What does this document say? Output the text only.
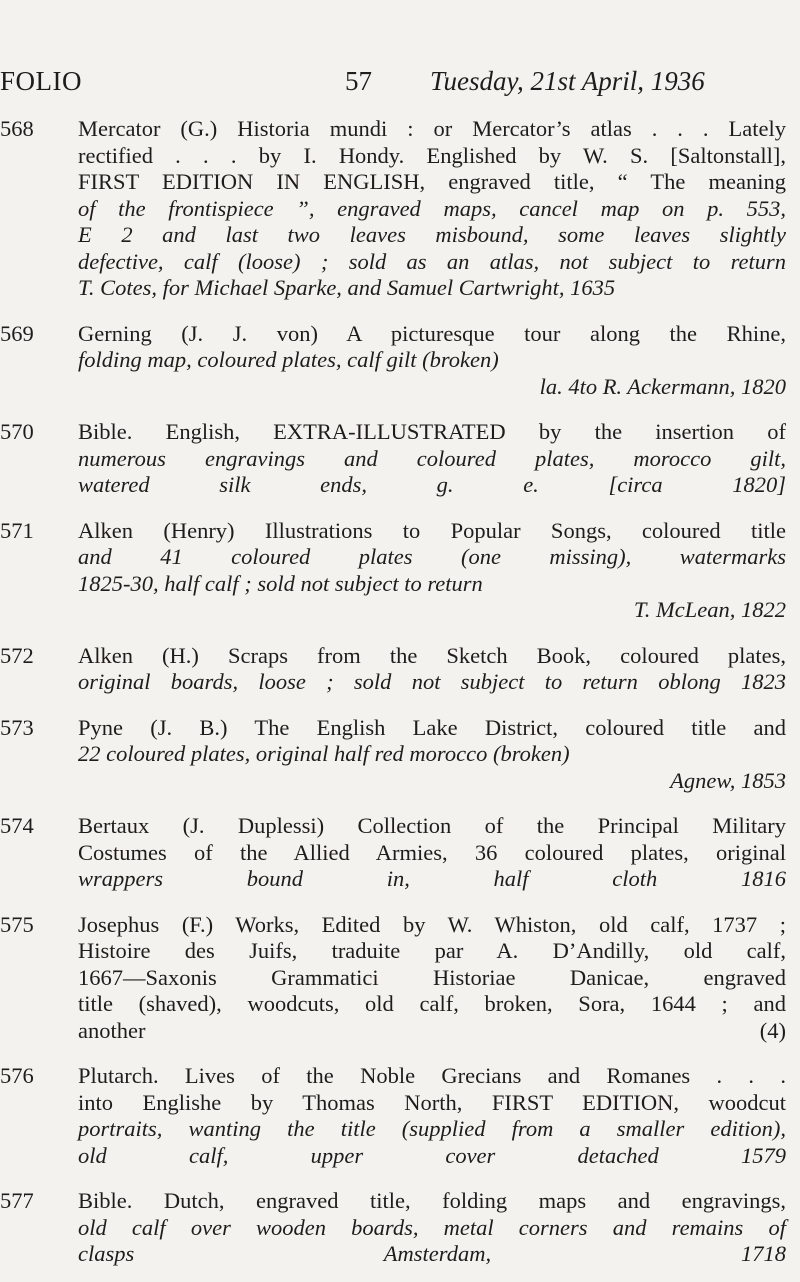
FOLIO	57 Tuesday, 21st April, 1936
568	Mercator (G.) Historia mundi : or Mercator’s atlas . . . Lately
rectified . . . by I. Hondy. Englished by W. S. [Saltonstall],
FIRST EDITION IN ENGLISH, engraved title, “ The meaning
of the frontispiece ”, engraved maps, cancel map on p. 553,
E 2 and last two leaves misbound, some leaves slightly
defective, calf (loose) ; sold as an atlas, not subject to return
T. Cotes, for Michael Sparke, and Samuel Cartwright, 1635
569	Gerning (J. J. von) A picturesque tour along the Rhine,
folding map, coloured plates, calf gilt (broken)
la. 4to R. Ackermann, 1820
570	Bible. English, EXTRA-ILLUSTRATED by the insertion of
numerous engravings and coloured plates, morocco gilt,
watered silk ends, g. e. [circa 1820]
571	Alken (Henry) Illustrations to Popular Songs, coloured title
and 41 coloured plates (one missing), watermarks
1825-30, half calf ; sold not subject to return
T. McLean, 1822
572	Alken (H.) Scraps from the Sketch Book, coloured plates,
original boards, loose ; sold not subject to return oblong 1823
573	Pyne (J. B.) The English Lake District, coloured title and
22 coloured plates, original half red morocco (broken)
Agnew, 1853
574	Bertaux (J. Duplessi) Collection of the Principal Military
Costumes of the Allied Armies, 36 coloured plates, original
wrappers bound in, half cloth 1816
575	Josephus (F.) Works, Edited by W. Whiston, old calf, 1737 ;
Histoire des Juifs, traduite par A. D’Andilly, old calf,
1667—Saxonis Grammatici Historiae Danicae, engraved
title (shaved), woodcuts, old calf, broken, Sora, 1644 ; and
another (4)
576	Plutarch. Lives of the Noble Grecians and Romanes . . .
into Englishe by Thomas North, FIRST EDITION, woodcut
portraits, wanting the title (supplied from a smaller edition),
old calf, upper cover detached 1579
577	Bible. Dutch, engraved title, folding maps and engravings,
old calf over wooden boards, metal corners and remains of
clasps Amsterdam, 1718
